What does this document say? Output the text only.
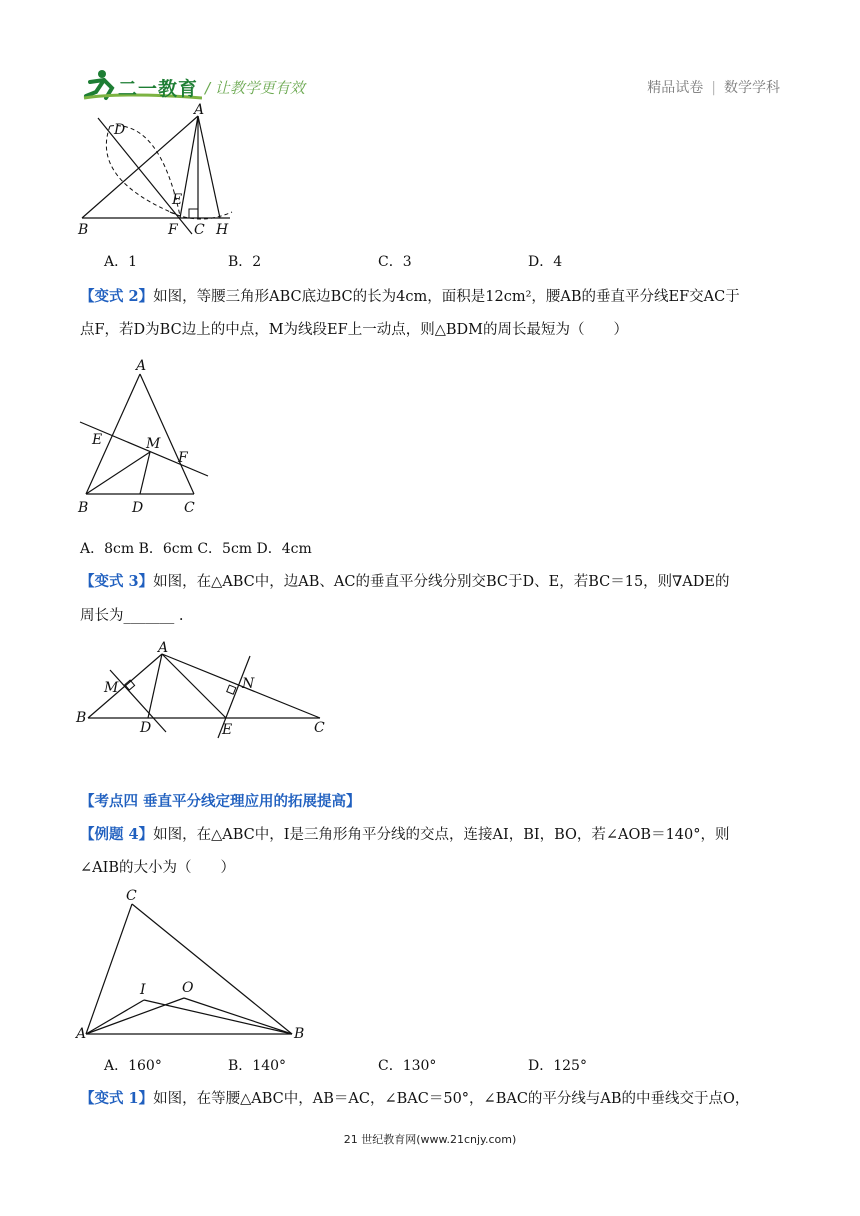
二一教育 / 让教学更有效	精品试卷 | 数学学科
A
D
E
B	F C H
A．1	B．2	C．3	D．4
【变式 2】如图，等腰三角形ABC底边BC的长为4cm，面积是12cm²，腰AB的垂直平分线EF交AC于
点F，若D为BC边上的中点，M为线段EF上一动点，则△BDM的周长最短为（　　）
A
E	M
F
B	D	C
A．8cm B．6cm C．5cm D．4cm
【变式 3】如图，在△ABC中，边AB、AC的垂直平分线分别交BC于D、E，若BC＝15，则∇ADE的
周长为_______ .
A
M	N
B
D	E	C
【考点四 垂直平分线定理应用的拓展提高】
【例题 4】如图，在△ABC中，I是三角形角平分线的交点，连接AI，BI，BO，若∠AOB＝140°，则
∠AIB的大小为（　　）
C
I	O
A	B
A．160°	B．140°	C．130°	D．125°
【变式 1】如图，在等腰△ABC中，AB＝AC，∠BAC＝50°，∠BAC的平分线与AB的中垂线交于点O，
21 世纪教育网(www.21cnjy.com)
